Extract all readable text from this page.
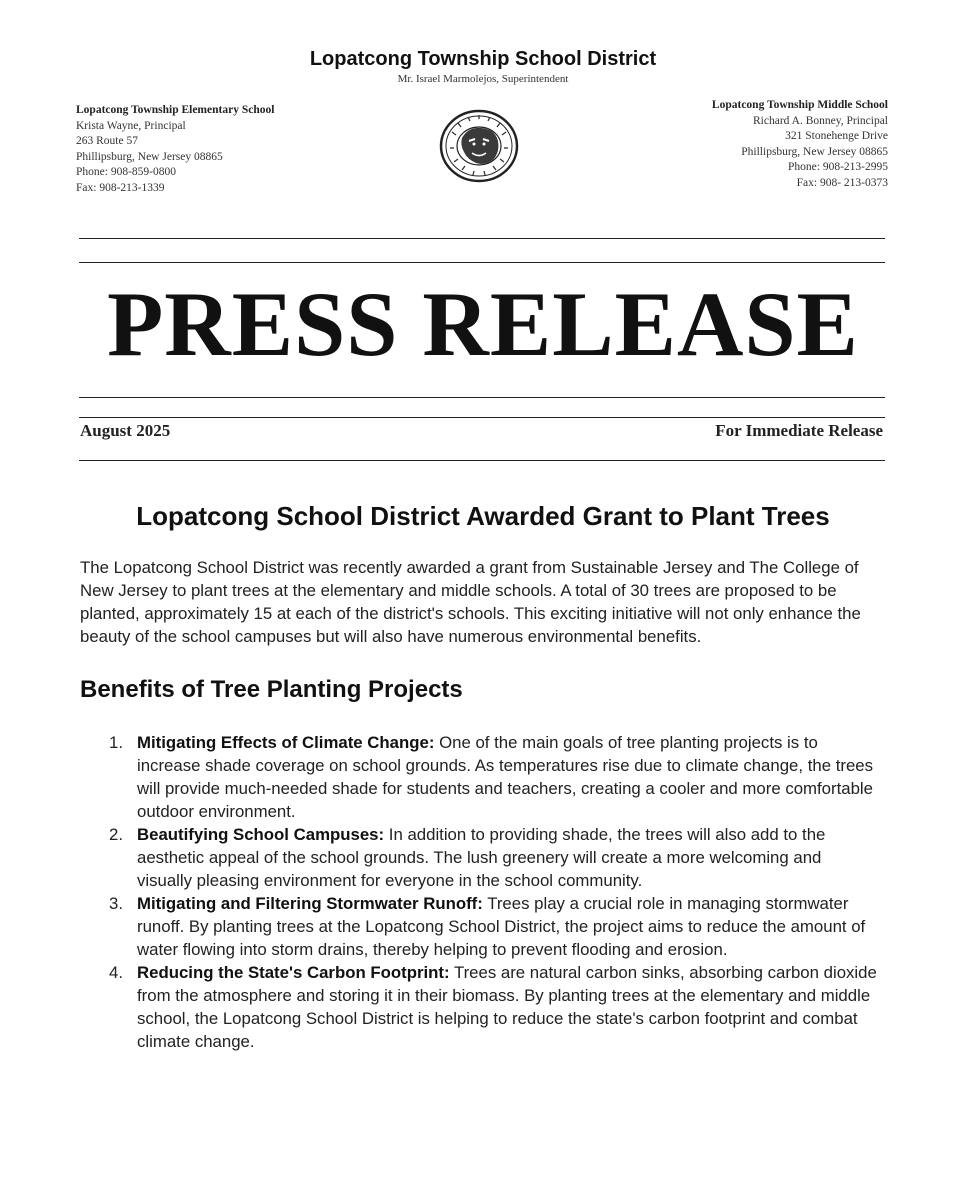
Lopatcong Township School District
Mr. Israel Marmolejos, Superintendent
Lopatcong Township Elementary School
Krista Wayne, Principal
263 Route 57
Phillipsburg, New Jersey 08865
Phone: 908-859-0800
Fax: 908-213-1339
Lopatcong Township Middle School
Richard A. Bonney, Principal
321 Stonehenge Drive
Phillipsburg, New Jersey 08865
Phone: 908-213-2995
Fax: 908- 213-0373
PRESS RELEASE
August 2025	For Immediate Release
Lopatcong School District Awarded Grant to Plant Trees
The Lopatcong School District was recently awarded a grant from Sustainable Jersey and The College of New Jersey to plant trees at the elementary and middle schools. A total of 30 trees are proposed to be planted, approximately 15 at each of the district's schools. This exciting initiative will not only enhance the beauty of the school campuses but will also have numerous environmental benefits.
Benefits of Tree Planting Projects
1. Mitigating Effects of Climate Change: One of the main goals of tree planting projects is to increase shade coverage on school grounds. As temperatures rise due to climate change, the trees will provide much-needed shade for students and teachers, creating a cooler and more comfortable outdoor environment.
2. Beautifying School Campuses: In addition to providing shade, the trees will also add to the aesthetic appeal of the school grounds. The lush greenery will create a more welcoming and visually pleasing environment for everyone in the school community.
3. Mitigating and Filtering Stormwater Runoff: Trees play a crucial role in managing stormwater runoff. By planting trees at the Lopatcong School District, the project aims to reduce the amount of water flowing into storm drains, thereby helping to prevent flooding and erosion.
4. Reducing the State's Carbon Footprint: Trees are natural carbon sinks, absorbing carbon dioxide from the atmosphere and storing it in their biomass. By planting trees at the elementary and middle school, the Lopatcong School District is helping to reduce the state's carbon footprint and combat climate change.
